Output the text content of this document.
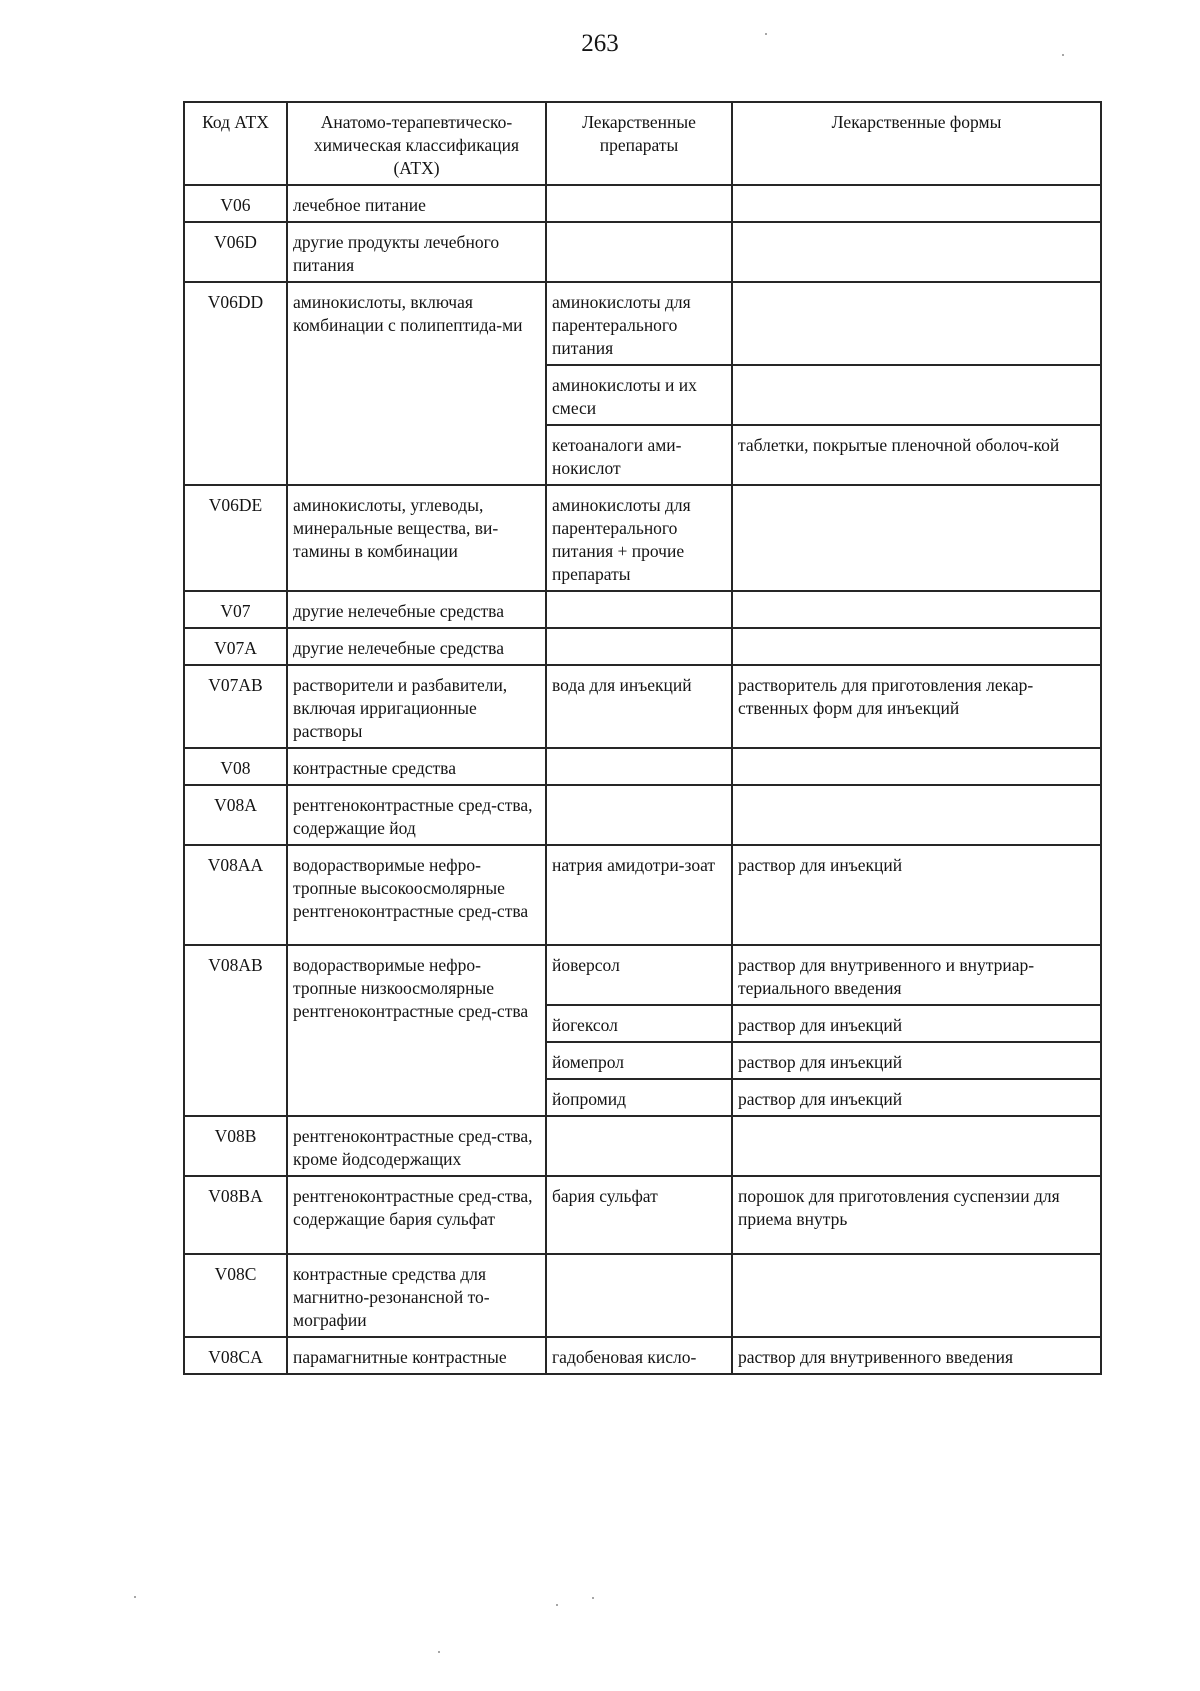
263
Код АТХ	Анатомо-терапевтическо-химическая классификация (АТХ)	Лекарственные препараты	Лекарственные формы
V06	лечебное питание		
V06D	другие продукты лечебного питания		
V06DD	аминокислоты, включая комбинации с полипептида-ми	аминокислоты для парентерального питания	
		аминокислоты и их смеси	
		кетоаналоги ами-нокислот	таблетки, покрытые пленочной оболоч-кой
V06DE	аминокислоты, углеводы, минеральные вещества, ви-тамины в комбинации	аминокислоты для парентерального питания + прочие препараты	
V07	другие нелечебные средства		
V07A	другие нелечебные средства		
V07AB	растворители и разбавители, включая ирригационные растворы	вода для инъекций	растворитель для приготовления лекар-ственных форм для инъекций
V08	контрастные средства		
V08A	рентгеноконтрастные сред-ства, содержащие йод		
V08AA	водорастворимые нефро-тропные высокоосмолярные рентгеноконтрастные сред-ства	натрия амидотри-зоат	раствор для инъекций
V08AB	водорастворимые нефро-тропные низкоосмолярные рентгеноконтрастные сред-ства	йоверсол	раствор для внутривенного и внутриар-териального введения
		йогексол	раствор для инъекций
		йомепрол	раствор для инъекций
		йопромид	раствор для инъекций
V08B	рентгеноконтрастные сред-ства, кроме йодсодержащих		
V08BA	рентгеноконтрастные сред-ства, содержащие бария сульфат	бария сульфат	порошок для приготовления суспензии для приема внутрь
V08C	контрастные средства для магнитно-резонансной то-мографии		
V08CA	парамагнитные контрастные	гадобеновая кисло-	раствор для внутривенного введения
